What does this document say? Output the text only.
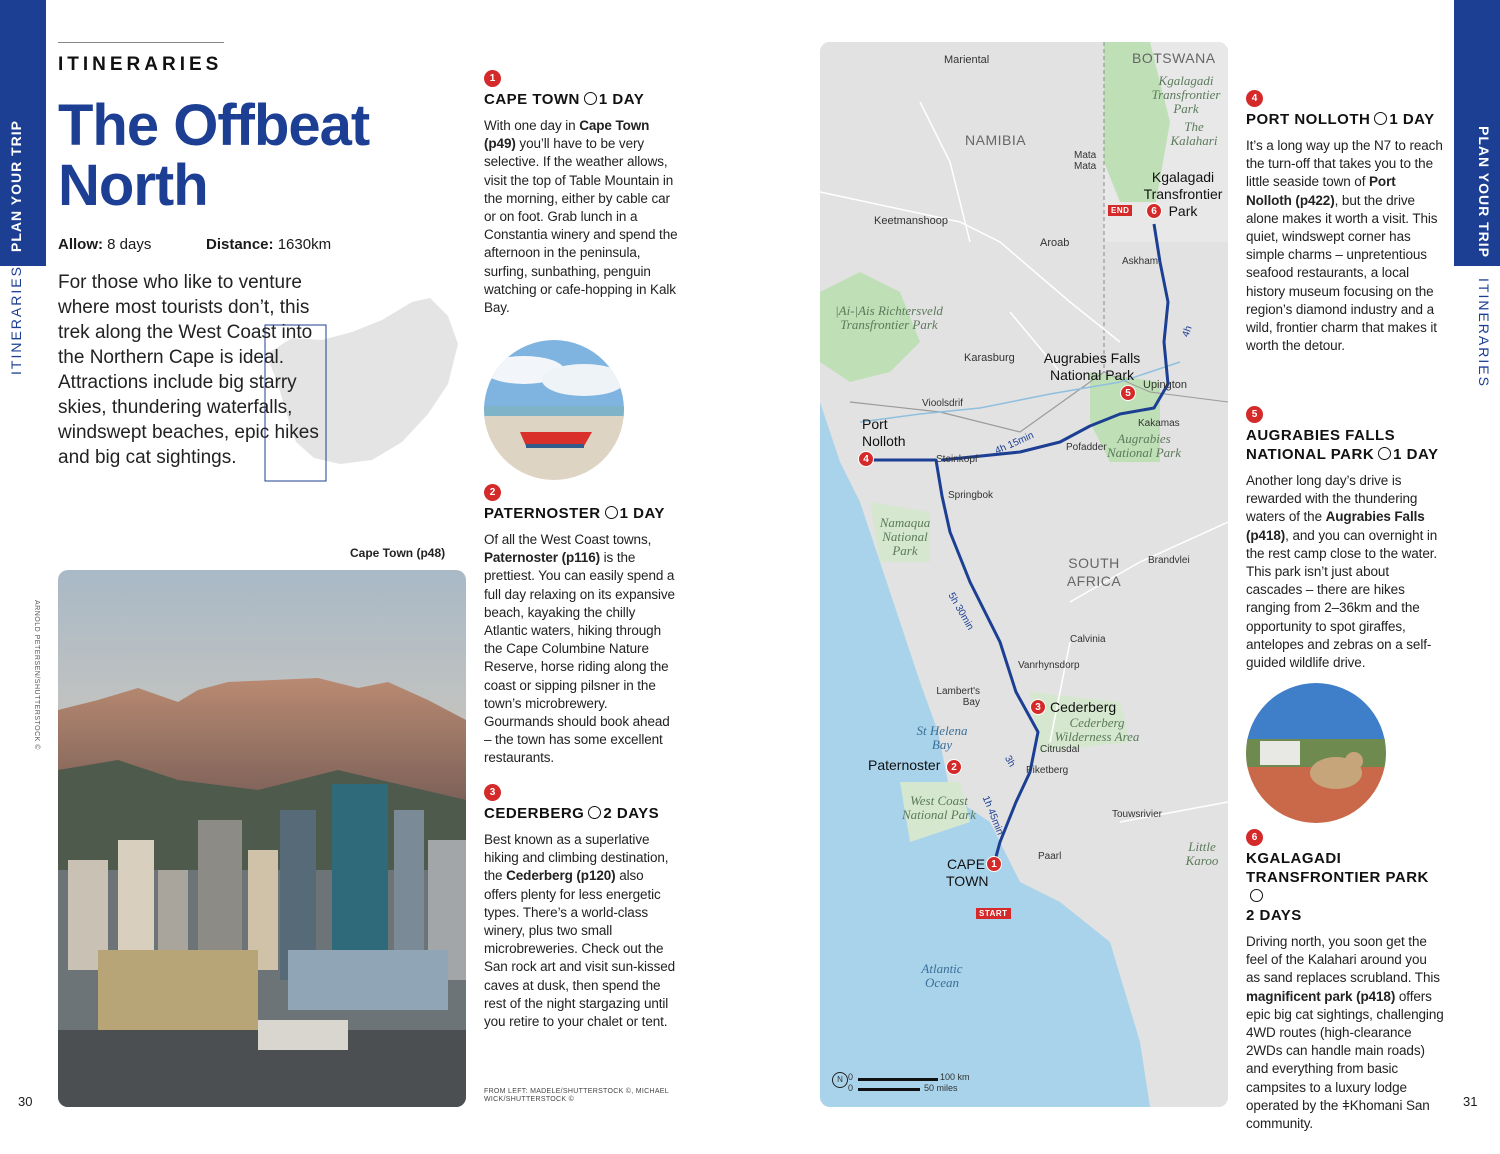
PLAN YOUR TRIP
ITINERARIES
PLAN YOUR TRIP
ITINERARIES
30	31
ITINERARIES
The Offbeat North
Allow: 8 days	Distance: 1630km
For those who like to venture where most tourists don’t, this trek along the West Coast into the Northern Cape is ideal. Attractions include big starry skies, thundering waterfalls, windswept beaches, epic hikes and big cat sightings.
Cape Town (p48)
ARNOLD PETERSEN/SHUTTERSTOCK ©
1
CAPE TOWN 1 DAY
With one day in Cape Town (p49) you’ll have to be very selective. If the weather allows, visit the top of Table Mountain in the morning, either by cable car or on foot. Grab lunch in a Constantia winery and spend the afternoon in the peninsula, surfing, sunbathing, penguin watching or cafe-hopping in Kalk Bay.
2
PATERNOSTER 1 DAY
Of all the West Coast towns, Paternoster (p116) is the prettiest. You can easily spend a full day relaxing on its expansive beach, kayaking the chilly Atlantic waters, hiking through the Cape Columbine Nature Reserve, horse riding along the coast or sipping pilsner in the town’s microbrewery. Gourmands should book ahead – the town has some excellent restaurants.
3
CEDERBERG 2 DAYS
Best known as a superlative hiking and climbing destination, the Cederberg (p120) also offers plenty for less energetic types. There’s a world-class winery, plus two small microbreweries. Check out the San rock art and visit sun-kissed caves at dusk, then spend the rest of the night stargazing until you retire to your chalet or tent.
FROM LEFT: MADELE/SHUTTERSTOCK ©, MICHAEL WICK/SHUTTERSTOCK ©
BOTSWANA
NAMIBIA
SOUTH AFRICA
Mariental
Keetmanshoop
Mata Mata
Aroab
Askham
Karasburg
Upington
Kakamas
Pofadder
Vioolsdrif
Steinkopf
Springbok
Brandvlei
Calvinia
Vanrhynsdorp
Lambert's Bay
Citrusdal
Piketberg
Touwsrivier
Paarl
Kgalagadi Transfrontier Park
The Kalahari
|Ai-|Ais Richtersveld Transfrontier Park
Augrabies National Park
Namaqua National Park
Cederberg Wilderness Area
West Coast National Park
Little Karoo
St Helena Bay
Atlantic Ocean
4h
4h 15min
5h 30min
3h
1h 45min
1
CAPE TOWN
2
Paternoster
3 Cederberg
4
Port Nolloth
5
Augrabies Falls National Park
6
Kgalagadi Transfrontier Park
START
END
N 0
0
100 km
50 miles
4
PORT NOLLOTH 1 DAY
It’s a long way up the N7 to reach the turn-off that takes you to the little seaside town of Port Nolloth (p422), but the drive alone makes it worth a visit. This quiet, windswept corner has simple charms – unpretentious seafood restaurants, a local history museum focusing on the region’s diamond industry and a wild, frontier charm that makes it worth the detour.
5
AUGRABIES FALLS NATIONAL PARK 1 DAY
Another long day’s drive is rewarded with the thundering waters of the Augrabies Falls (p418), and you can overnight in the rest camp close to the water. This park isn’t just about cascades – there are hikes ranging from 2–36km and the opportunity to spot giraffes, antelopes and zebras on a self-guided wildlife drive.
6
KGALAGADI TRANSFRONTIER PARK
2 DAYS
Driving north, you soon get the feel of the Kalahari around you as sand replaces scrubland. This magnificent park (p418) offers epic big cat sightings, challenging 4WD routes (high-clearance 2WDs can handle main roads) and everything from basic campsites to a luxury lodge operated by the ǂKhomani San community.
